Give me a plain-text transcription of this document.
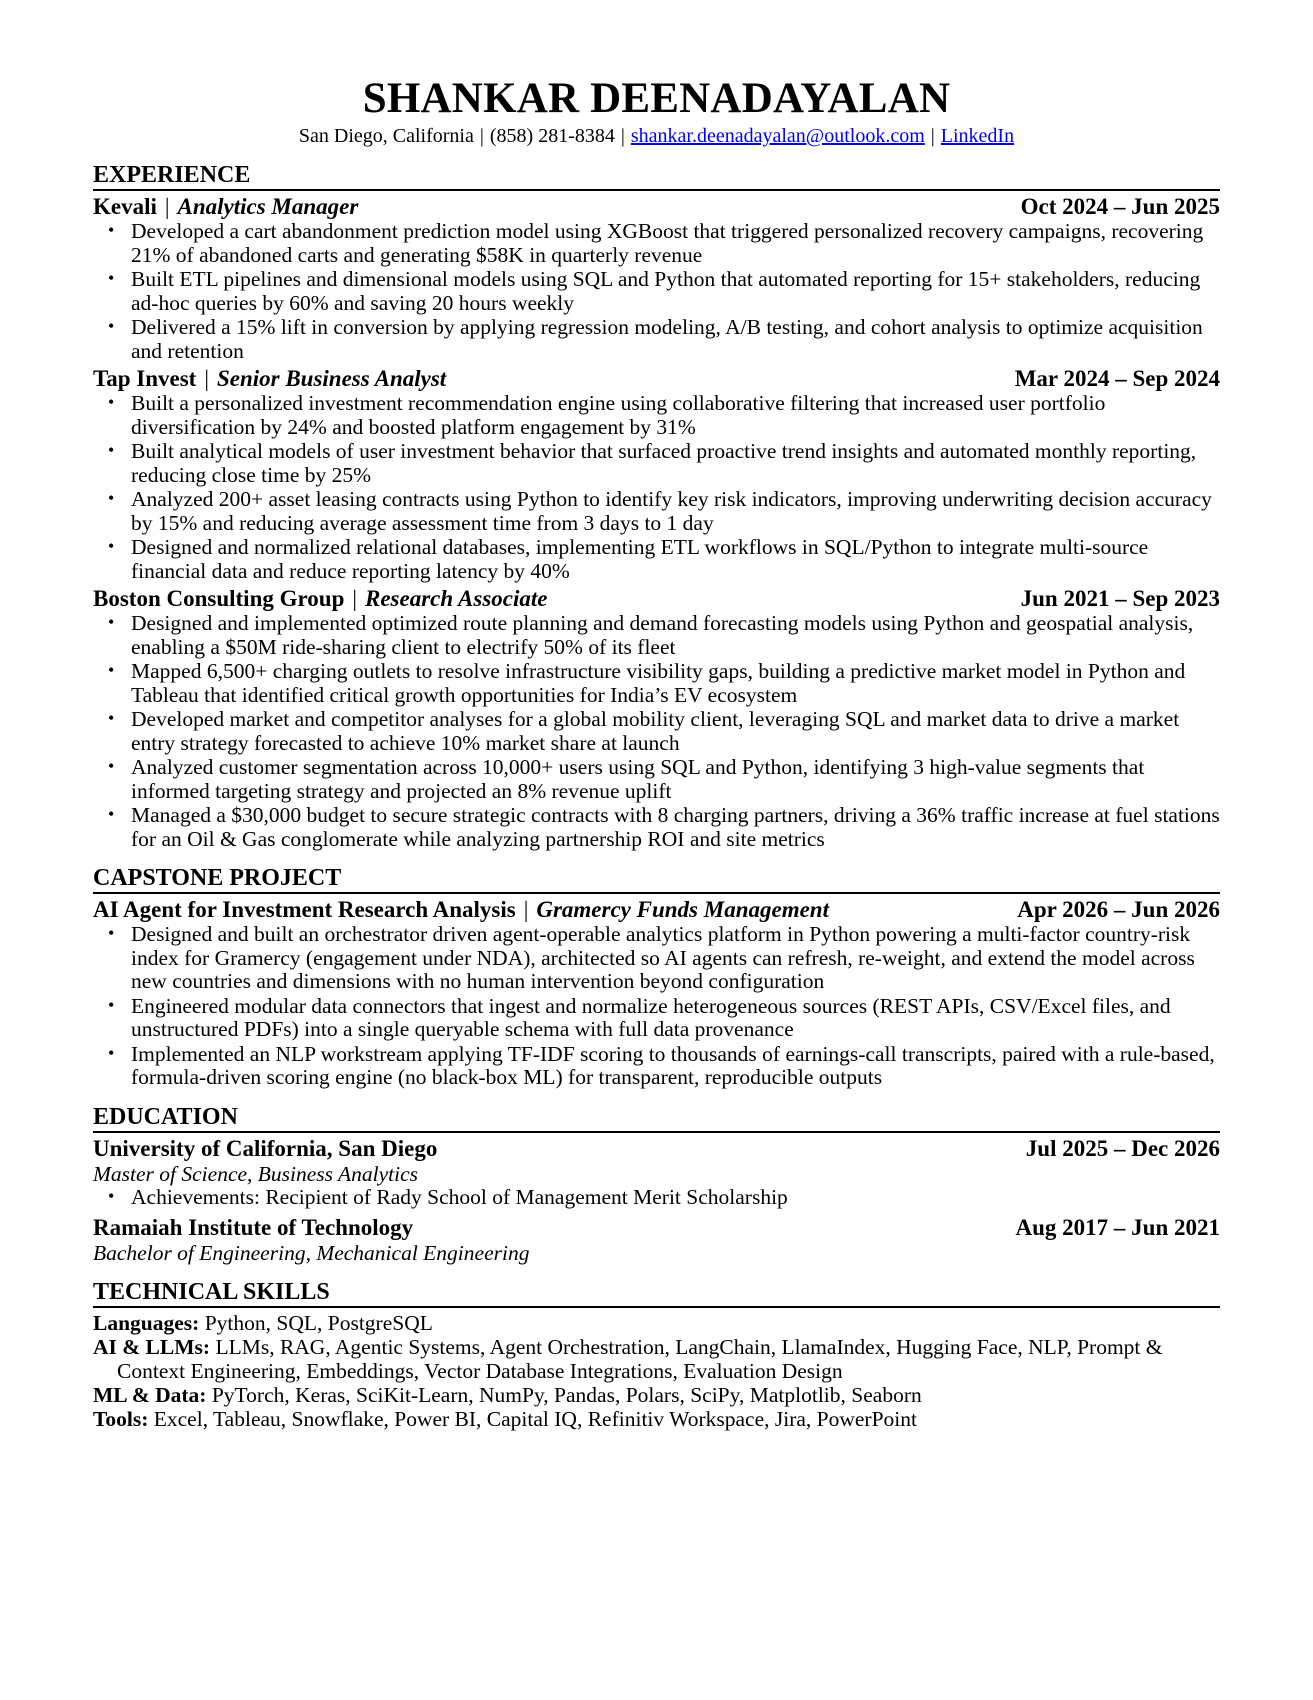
SHANKAR DEENADAYALAN
San Diego, California | (858) 281-8384 | shankar.deenadayalan@outlook.com | LinkedIn
EXPERIENCE
Kevali | Analytics Manager	Oct 2024 – Jun 2025
• Developed a cart abandonment prediction model using XGBoost that triggered personalized recovery campaigns, recovering 21% of abandoned carts and generating $58K in quarterly revenue
• Built ETL pipelines and dimensional models using SQL and Python that automated reporting for 15+ stakeholders, reducing ad-hoc queries by 60% and saving 20 hours weekly
• Delivered a 15% lift in conversion by applying regression modeling, A/B testing, and cohort analysis to optimize acquisition and retention
Tap Invest | Senior Business Analyst	Mar 2024 – Sep 2024
• Built a personalized investment recommendation engine using collaborative filtering that increased user portfolio diversification by 24% and boosted platform engagement by 31%
• Built analytical models of user investment behavior that surfaced proactive trend insights and automated monthly reporting, reducing close time by 25%
• Analyzed 200+ asset leasing contracts using Python to identify key risk indicators, improving underwriting decision accuracy by 15% and reducing average assessment time from 3 days to 1 day
• Designed and normalized relational databases, implementing ETL workflows in SQL/Python to integrate multi-source financial data and reduce reporting latency by 40%
Boston Consulting Group | Research Associate	Jun 2021 – Sep 2023
• Designed and implemented optimized route planning and demand forecasting models using Python and geospatial analysis, enabling a $50M ride-sharing client to electrify 50% of its fleet
• Mapped 6,500+ charging outlets to resolve infrastructure visibility gaps, building a predictive market model in Python and Tableau that identified critical growth opportunities for India’s EV ecosystem
• Developed market and competitor analyses for a global mobility client, leveraging SQL and market data to drive a market entry strategy forecasted to achieve 10% market share at launch
• Analyzed customer segmentation across 10,000+ users using SQL and Python, identifying 3 high-value segments that informed targeting strategy and projected an 8% revenue uplift
• Managed a $30,000 budget to secure strategic contracts with 8 charging partners, driving a 36% traffic increase at fuel stations for an Oil & Gas conglomerate while analyzing partnership ROI and site metrics
CAPSTONE PROJECT
AI Agent for Investment Research Analysis | Gramercy Funds Management	Apr 2026 – Jun 2026
• Designed and built an orchestrator driven agent-operable analytics platform in Python powering a multi-factor country-risk index for Gramercy (engagement under NDA), architected so AI agents can refresh, re-weight, and extend the model across new countries and dimensions with no human intervention beyond configuration
• Engineered modular data connectors that ingest and normalize heterogeneous sources (REST APIs, CSV/Excel files, and unstructured PDFs) into a single queryable schema with full data provenance
• Implemented an NLP workstream applying TF-IDF scoring to thousands of earnings-call transcripts, paired with a rule-based, formula-driven scoring engine (no black-box ML) for transparent, reproducible outputs
EDUCATION
University of California, San Diego	Jul 2025 – Dec 2026
Master of Science, Business Analytics
• Achievements: Recipient of Rady School of Management Merit Scholarship
Ramaiah Institute of Technology	Aug 2017 – Jun 2021
Bachelor of Engineering, Mechanical Engineering
TECHNICAL SKILLS

Languages: Python, SQL, PostgreSQL

AI & LLMs: LLMs, RAG, Agentic Systems, Agent Orchestration, LangChain, LlamaIndex, Hugging Face, NLP, Prompt & Context Engineering, Embeddings, Vector Database Integrations, Evaluation Design

ML & Data: PyTorch, Keras, SciKit-Learn, NumPy, Pandas, Polars, SciPy, Matplotlib, Seaborn

Tools: Excel, Tableau, Snowflake, Power BI, Capital IQ, Refinitiv Workspace, Jira, PowerPoint
